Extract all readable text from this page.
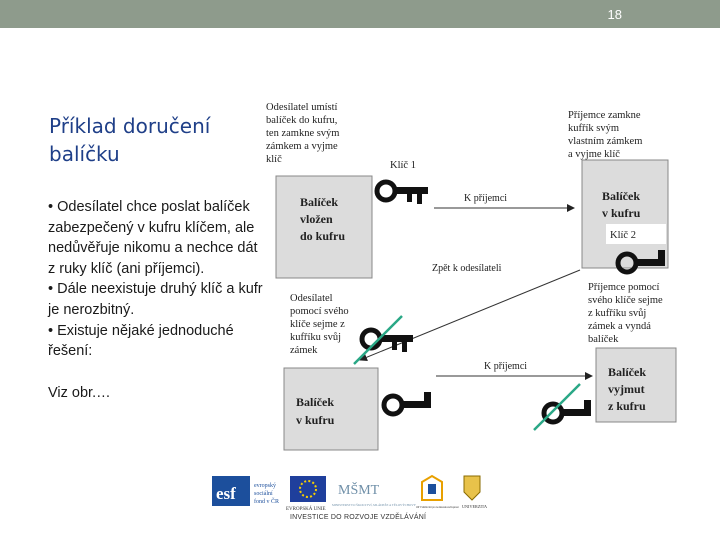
18
Příklad doručení balíčku

• Odesílatel chce poslat balíček zabezpečený v kufru klíčem, ale nedůvěřuje nikomu a nechce dát z ruky klíč (ani příjemci).

• Dále neexistuje druhý klíč a kufr je nerozbitný.

• Existuje nějaké jednoduché řešení:

Viz obr.…

Odesílatel umístí
balíček do kufru,
ten zamkne svým
zámkem a vyjme
klíč
Příjemce zamkne
kufřík svým
vlastním zámkem
a vyjme klíč
Balíček
vložen
do kufru
Klíč 1
K příjemci	Balíček
v kufru
Klíč 2
Zpět k odesílateli
Odesílatel
pomocí svého
klíče sejme z
kufříku svůj
zámek
Příjemce pomocí
svého klíče sejme
z kufříku svůj
zámek a vyndá
balíček
Balíček
v kufru
K příjemci	Balíček
vyjmut
z kufru
esf	evropský
sociální
fond v ČR
EVROPSKÁ UNIE
MŠMT
MINISTERSTVO ŠKOLSTVÍ, MLÁDEŽE A TĚLOVÝCHOVY
OP Vzdělávání pro konkurenceschopnost UNIVERZITA
INVESTICE DO ROZVOJE VZDĚLÁVÁNÍ
